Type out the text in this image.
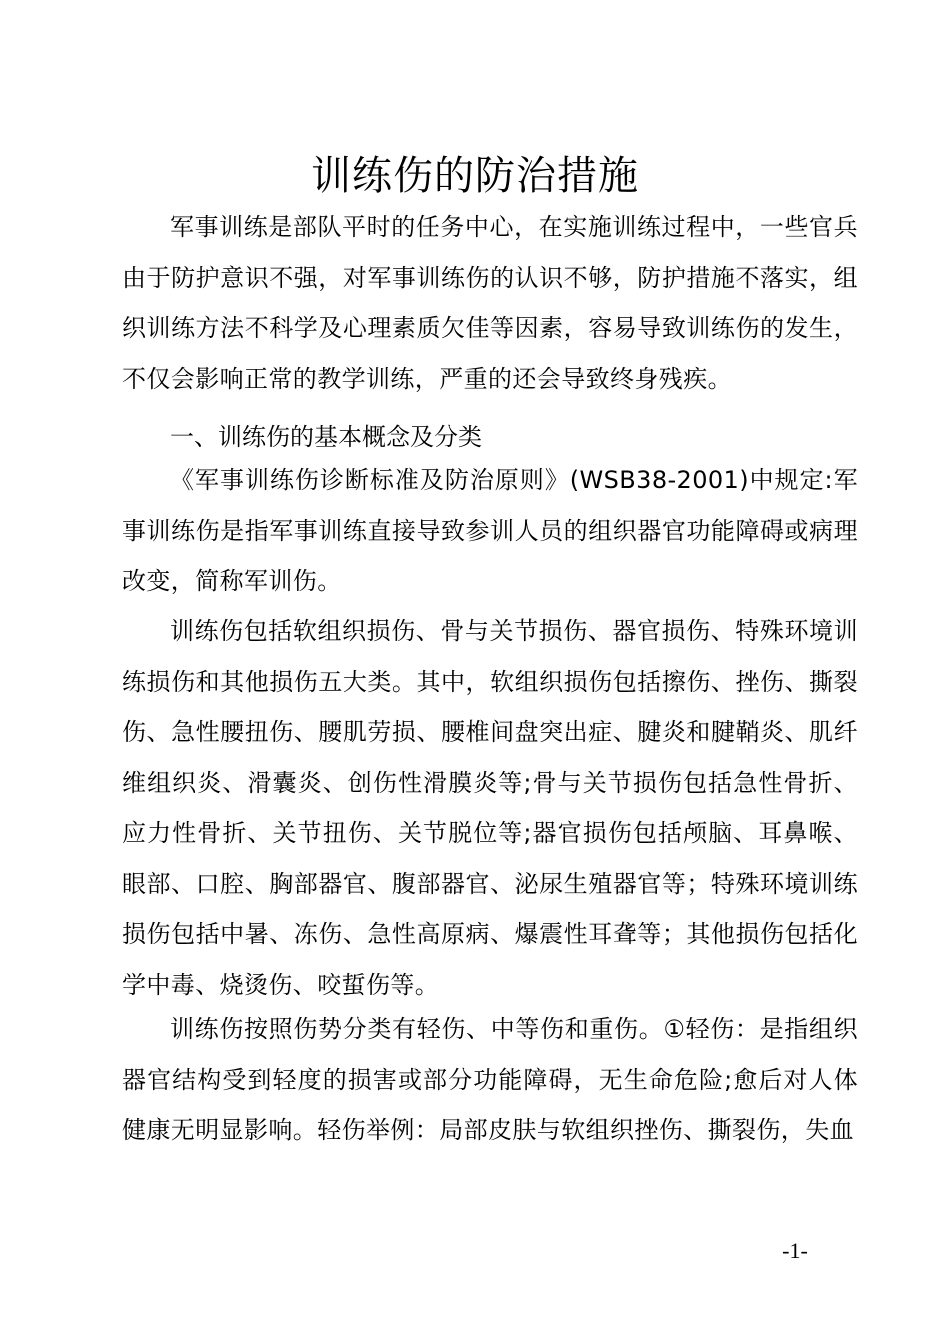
训练伤的防治措施

军事训练是部队平时的任务中心，在实施训练过程中，一些官兵由于防护意识不强，对军事训练伤的认识不够，防护措施不落实，组织训练方法不科学及心理素质欠佳等因素，容易导致训练伤的发生，不仅会影响正常的教学训练，严重的还会导致终身残疾。

一、训练伤的基本概念及分类

《军事训练伤诊断标准及防治原则》(WSB38-2001)中规定:军事训练伤是指军事训练直接导致参训人员的组织器官功能障碍或病理改变，简称军训伤。

训练伤包括软组织损伤、骨与关节损伤、器官损伤、特殊环境训练损伤和其他损伤五大类。其中，软组织损伤包括擦伤、挫伤、撕裂伤、急性腰扭伤、腰肌劳损、腰椎间盘突出症、腱炎和腱鞘炎、肌纤维组织炎、滑囊炎、创伤性滑膜炎等;骨与关节损伤包括急性骨折、应力性骨折、关节扭伤、关节脱位等;器官损伤包括颅脑、耳鼻喉、眼部、口腔、胸部器官、腹部器官、泌尿生殖器官等；特殊环境训练损伤包括中暑、冻伤、急性高原病、爆震性耳聋等；其他损伤包括化学中毒、烧烫伤、咬蜇伤等。

训练伤按照伤势分类有轻伤、中等伤和重伤。①轻伤：是指组织器官结构受到轻度的损害或部分功能障碍，无生命危险;愈后对人体健康无明显影响。轻伤举例：局部皮肤与软组织挫伤、撕裂伤，失血

-1-
